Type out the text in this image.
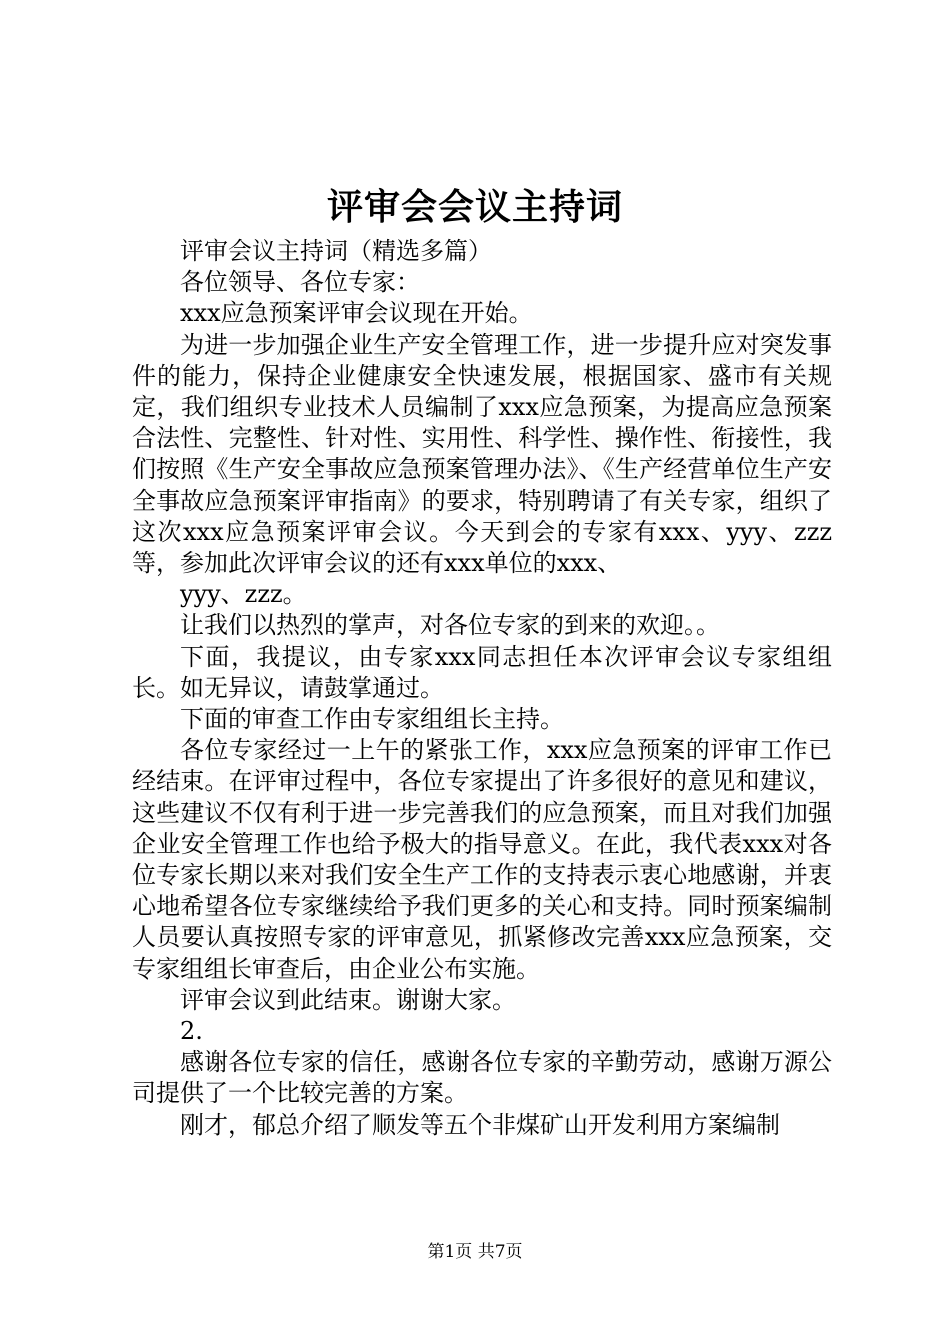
评审会会议主持词

评审会议主持词（精选多篇）

各位领导、各位专家：

xxx应急预案评审会议现在开始。

为进一步加强企业生产安全管理工作，进一步提升应对突发事件的能力，保持企业健康安全快速发展，根据国家、盛市有关规定，我们组织专业技术人员编制了xxx应急预案，为提高应急预案合法性、完整性、针对性、实用性、科学性、操作性、衔接性，我们按照《生产安全事故应急预案管理办法》、《生产经营单位生产安全事故应急预案评审指南》的要求，特别聘请了有关专家，组织了这次xxx应急预案评审会议。今天到会的专家有xxx、yyy、zzz等，参加此次评审会议的还有xxx单位的xxx、

yyy、zzz。

让我们以热烈的掌声，对各位专家的到来的欢迎。。

下面，我提议，由专家xxx同志担任本次评审会议专家组组长。如无异议，请鼓掌通过。

下面的审查工作由专家组组长主持。

各位专家经过一上午的紧张工作，xxx应急预案的评审工作已经结束。在评审过程中，各位专家提出了许多很好的意见和建议，这些建议不仅有利于进一步完善我们的应急预案，而且对我们加强企业安全管理工作也给予极大的指导意义。在此，我代表xxx对各位专家长期以来对我们安全生产工作的支持表示衷心地感谢，并衷心地希望各位专家继续给予我们更多的关心和支持。同时预案编制人员要认真按照专家的评审意见，抓紧修改完善xxx应急预案，交专家组组长审查后，由企业公布实施。

评审会议到此结束。谢谢大家。

2.

感谢各位专家的信任，感谢各位专家的辛勤劳动，感谢万源公司提供了一个比较完善的方案。

刚才，郁总介绍了顺发等五个非煤矿山开发利用方案编制

第1页 共7页
